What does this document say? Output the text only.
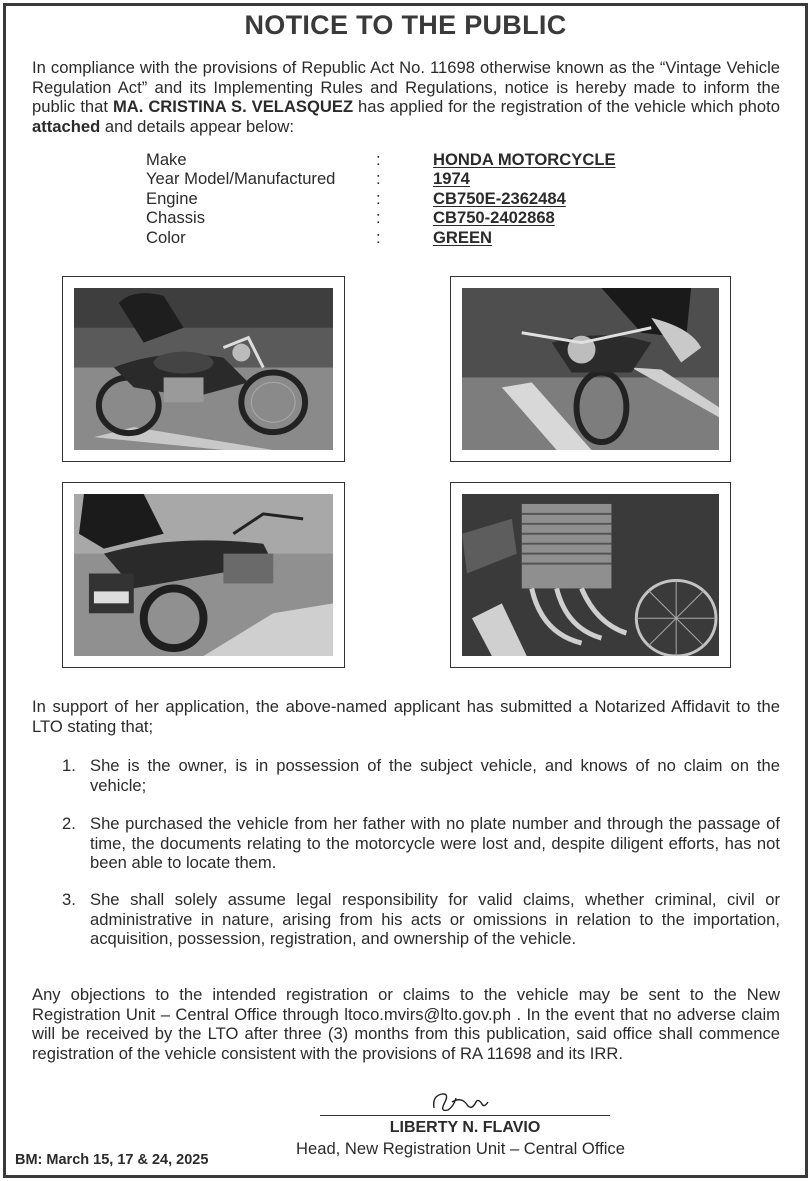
NOTICE TO THE PUBLIC

In compliance with the provisions of Republic Act No. 11698 otherwise known as the “Vintage Vehicle Regulation Act” and its Implementing Rules and Regulations, notice is hereby made to inform the public that MA. CRISTINA S. VELASQUEZ has applied for the registration of the vehicle which photo attached and details appear below:

Make	:	HONDA MOTORCYCLE
Year Model/Manufactured	:	1974
Engine	:	CB750E-2362484
Chassis	:	CB750-2402868
Color	:	GREEN

In support of her application, the above-named applicant has submitted a Notarized Affidavit to the LTO stating that;

1. She is the owner, is in possession of the subject vehicle, and knows of no claim on the vehicle;
2. She purchased the vehicle from her father with no plate number and through the passage of time, the documents relating to the motorcycle were lost and, despite diligent efforts, has not been able to locate them.
3. She shall solely assume legal responsibility for valid claims, whether criminal, civil or administrative in nature, arising from his acts or omissions in relation to the importation, acquisition, possession, registration, and ownership of the vehicle.

Any objections to the intended registration or claims to the vehicle may be sent to the New Registration Unit – Central Office through ltoco.mvirs@lto.gov.ph . In the event that no adverse claim will be received by the LTO after three (3) months from this publication, said office shall commence registration of the vehicle consistent with the provisions of RA 11698 and its IRR.

LIBERTY N. FLAVIO
Head, New Registration Unit – Central Office
BM: March 15, 17 & 24, 2025
